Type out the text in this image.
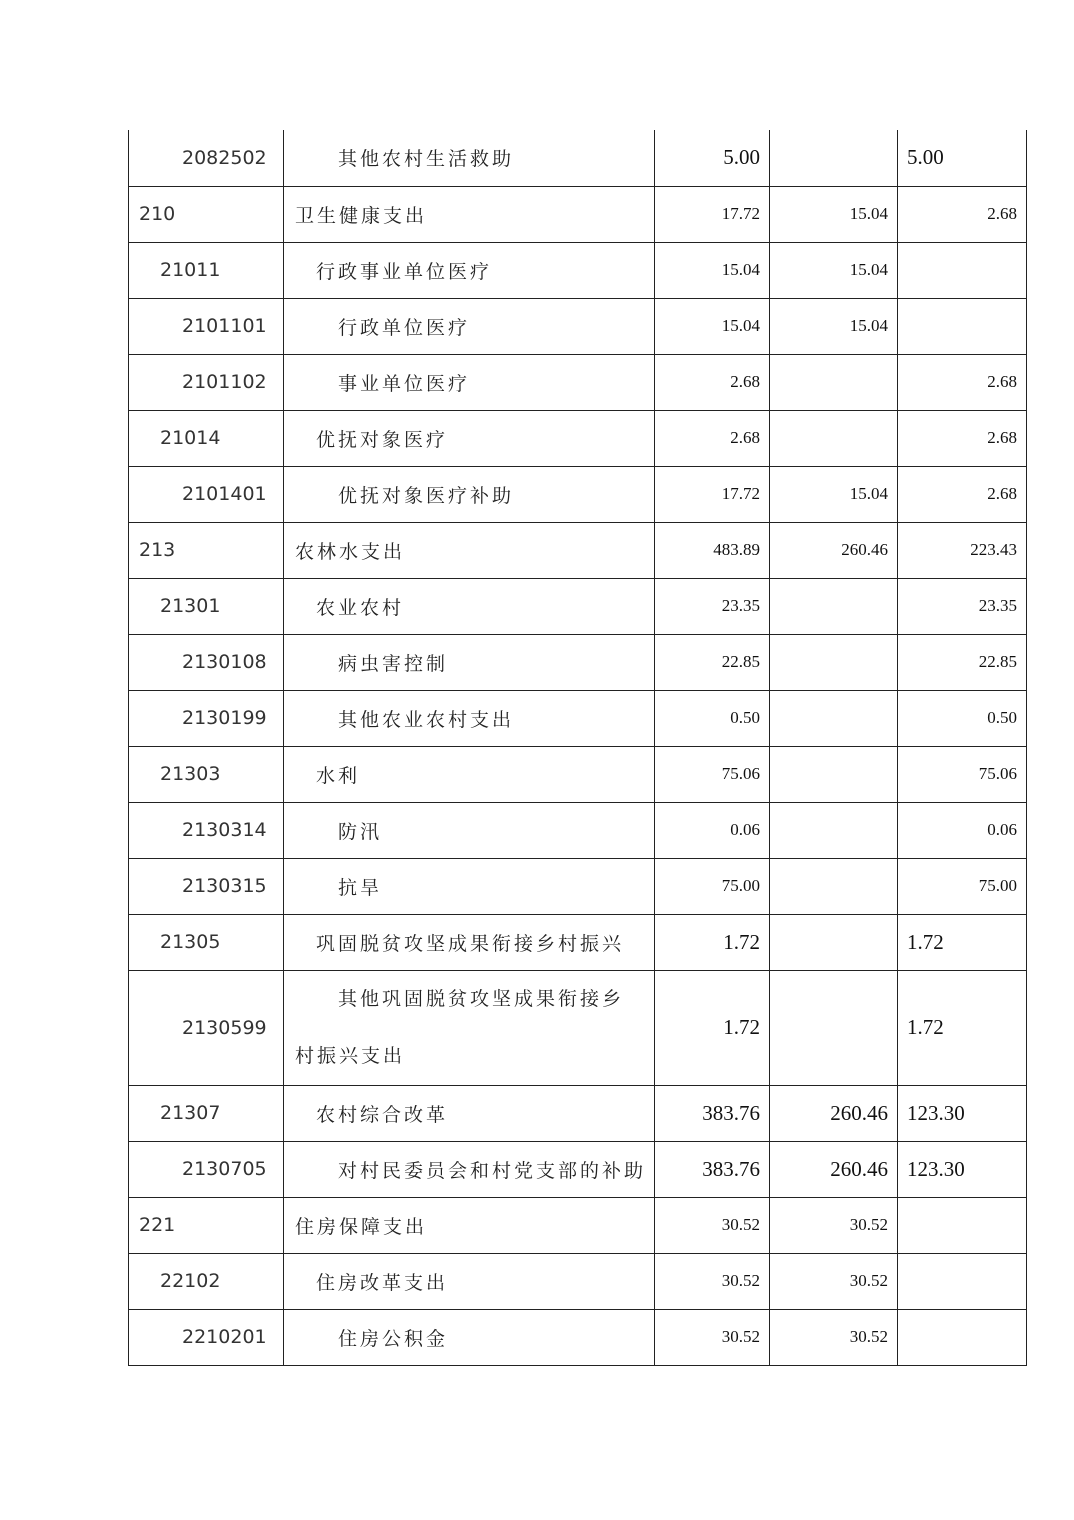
2082502	其他农村生活救助	5.00		5.00
210	卫生健康支出	17.72	15.04	2.68
21011	行政事业单位医疗	15.04	15.04	
2101101	行政单位医疗	15.04	15.04	
2101102	事业单位医疗	2.68		2.68
21014	优抚对象医疗	2.68		2.68
2101401	优抚对象医疗补助	17.72	15.04	2.68
213	农林水支出	483.89	260.46	223.43
21301	农业农村	23.35		23.35
2130108	病虫害控制	22.85		22.85
2130199	其他农业农村支出	0.50		0.50
21303	水利	75.06		75.06
2130314	防汛	0.06		0.06
2130315	抗旱	75.00		75.00
21305	巩固脱贫攻坚成果衔接乡村振兴	1.72		1.72
2130599	其他巩固脱贫攻坚成果衔接乡村振兴支出	1.72		1.72
21307	农村综合改革	383.76	260.46	123.30
2130705	对村民委员会和村党支部的补助	383.76	260.46	123.30
221	住房保障支出	30.52	30.52	
22102	住房改革支出	30.52	30.52	
2210201	住房公积金	30.52	30.52	
